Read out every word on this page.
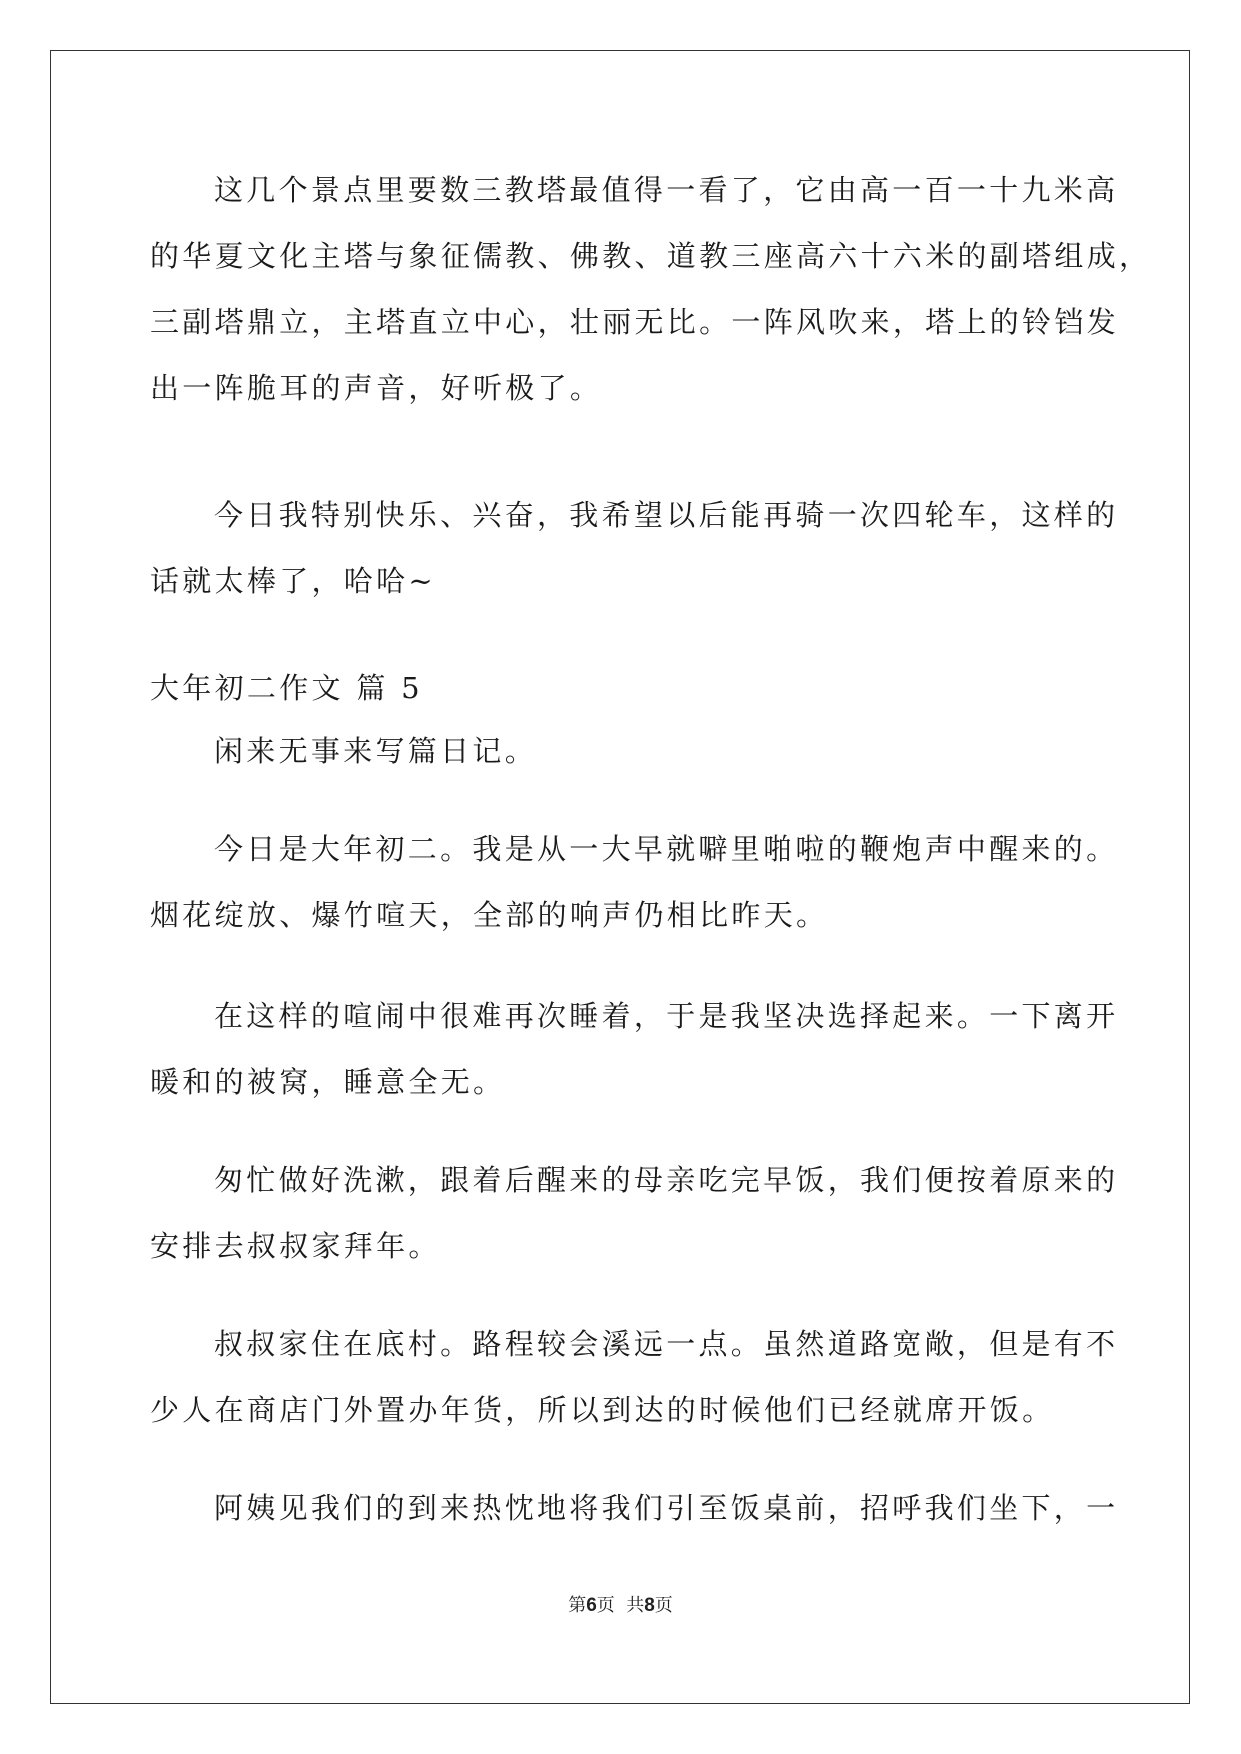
这几个景点里要数三教塔最值得一看了，它由高一百一十九米高
的华夏文化主塔与象征儒教、佛教、道教三座高六十六米的副塔组成，
三副塔鼎立，主塔直立中心，壮丽无比。一阵风吹来，塔上的铃铛发
出一阵脆耳的声音，好听极了。
今日我特别快乐、兴奋，我希望以后能再骑一次四轮车，这样的
话就太棒了，哈哈~
大年初二作文 篇 5
闲来无事来写篇日记。
今日是大年初二。我是从一大早就噼里啪啦的鞭炮声中醒来的。
烟花绽放、爆竹喧天，全部的响声仍相比昨天。
在这样的喧闹中很难再次睡着，于是我坚决选择起来。一下离开
暖和的被窝，睡意全无。
匆忙做好洗漱，跟着后醒来的母亲吃完早饭，我们便按着原来的
安排去叔叔家拜年。
叔叔家住在底村。路程较会溪远一点。虽然道路宽敞，但是有不
少人在商店门外置办年货，所以到达的时候他们已经就席开饭。
阿姨见我们的到来热忱地将我们引至饭桌前，招呼我们坐下，一
第6页  共8页
